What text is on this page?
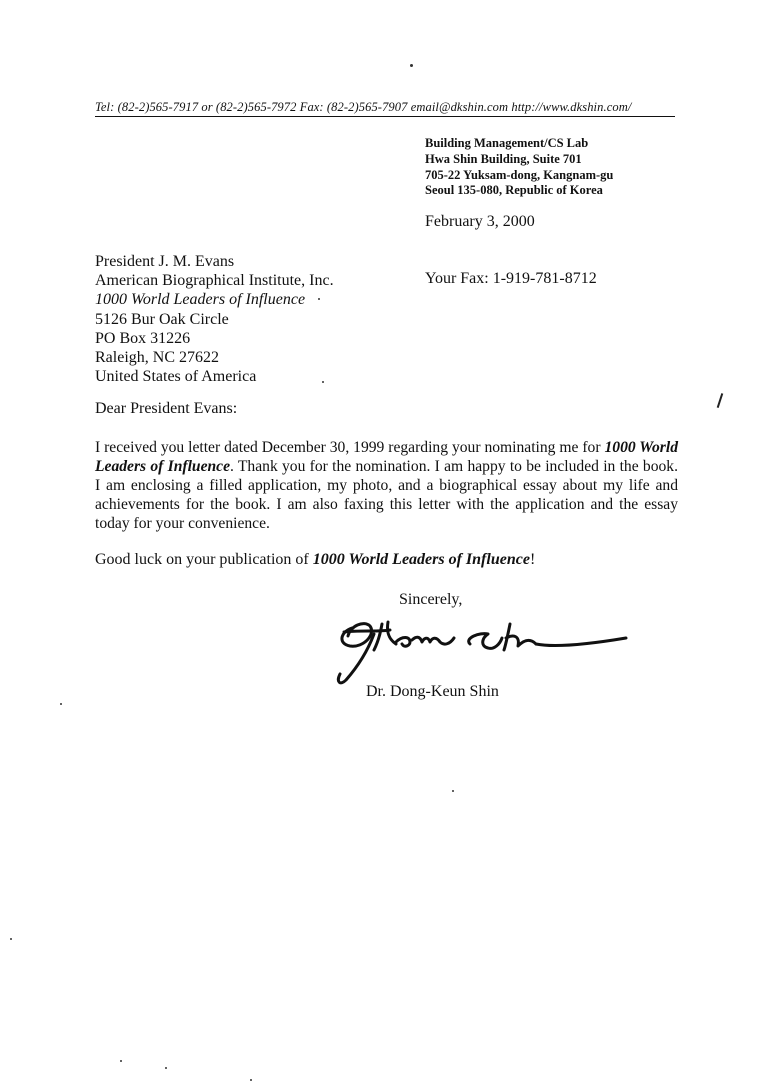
Tel: (82-2)565-7917 or (82-2)565-7972 Fax: (82-2)565-7907 email@dkshin.com http://www.dkshin.com/
Building Management/CS Lab
Hwa Shin Building, Suite 701
705-22 Yuksam-dong, Kangnam-gu
Seoul 135-080, Republic of Korea
February 3, 2000
President J. M. Evans
American Biographical Institute, Inc.
1000 World Leaders of Influence
5126 Bur Oak Circle
PO Box 31226
Raleigh, NC 27622
United States of America
Your Fax: 1-919-781-8712
Dear President Evans:
I received you letter dated December 30, 1999 regarding your nominating me for 1000 World Leaders of Influence. Thank you for the nomination. I am happy to be included in the book. I am enclosing a filled application, my photo, and a biographical essay about my life and achievements for the book. I am also faxing this letter with the application and the essay today for your convenience.
Good luck on your publication of 1000 World Leaders of Influence!
Sincerely,
Dr. Dong-Keun Shin
